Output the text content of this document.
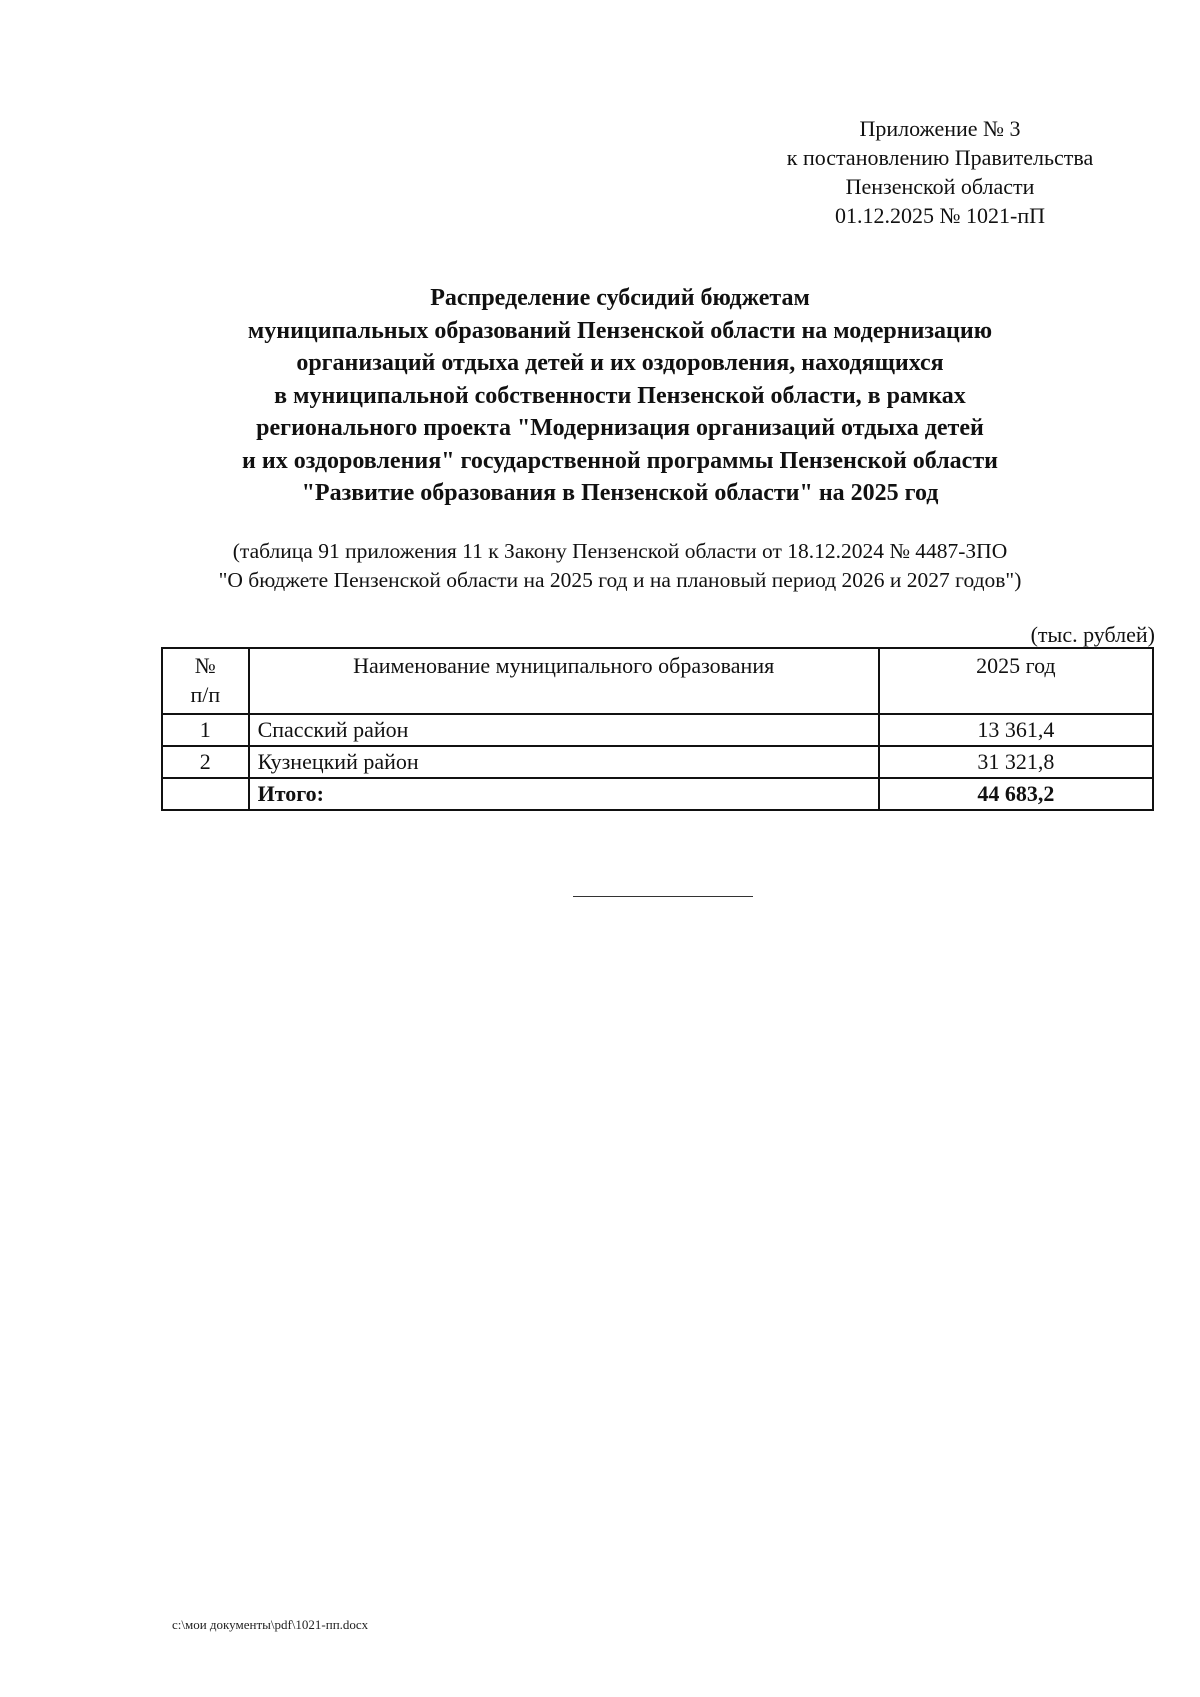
Приложение № 3
к постановлению Правительства
Пензенской области
01.12.2025 № 1021-пП
Распределение субсидий бюджетам
муниципальных образований Пензенской области на модернизацию
организаций отдыха детей и их оздоровления, находящихся
в муниципальной собственности Пензенской области, в рамках
регионального проекта "Модернизация организаций отдыха детей
и их оздоровления" государственной программы Пензенской области
"Развитие образования в Пензенской области" на 2025 год
(таблица 91 приложения 11 к Закону Пензенской области от 18.12.2024 № 4487-ЗПО
"О бюджете Пензенской области на 2025 год и на плановый период 2026 и 2027 годов")
(тыс. рублей)
№
п/п	Наименование муниципального образования	2025 год
1	Спасский район	13 361,4
2	Кузнецкий район	31 321,8
	Итого:	44 683,2
c:\мои документы\pdf\1021-пп.docx
